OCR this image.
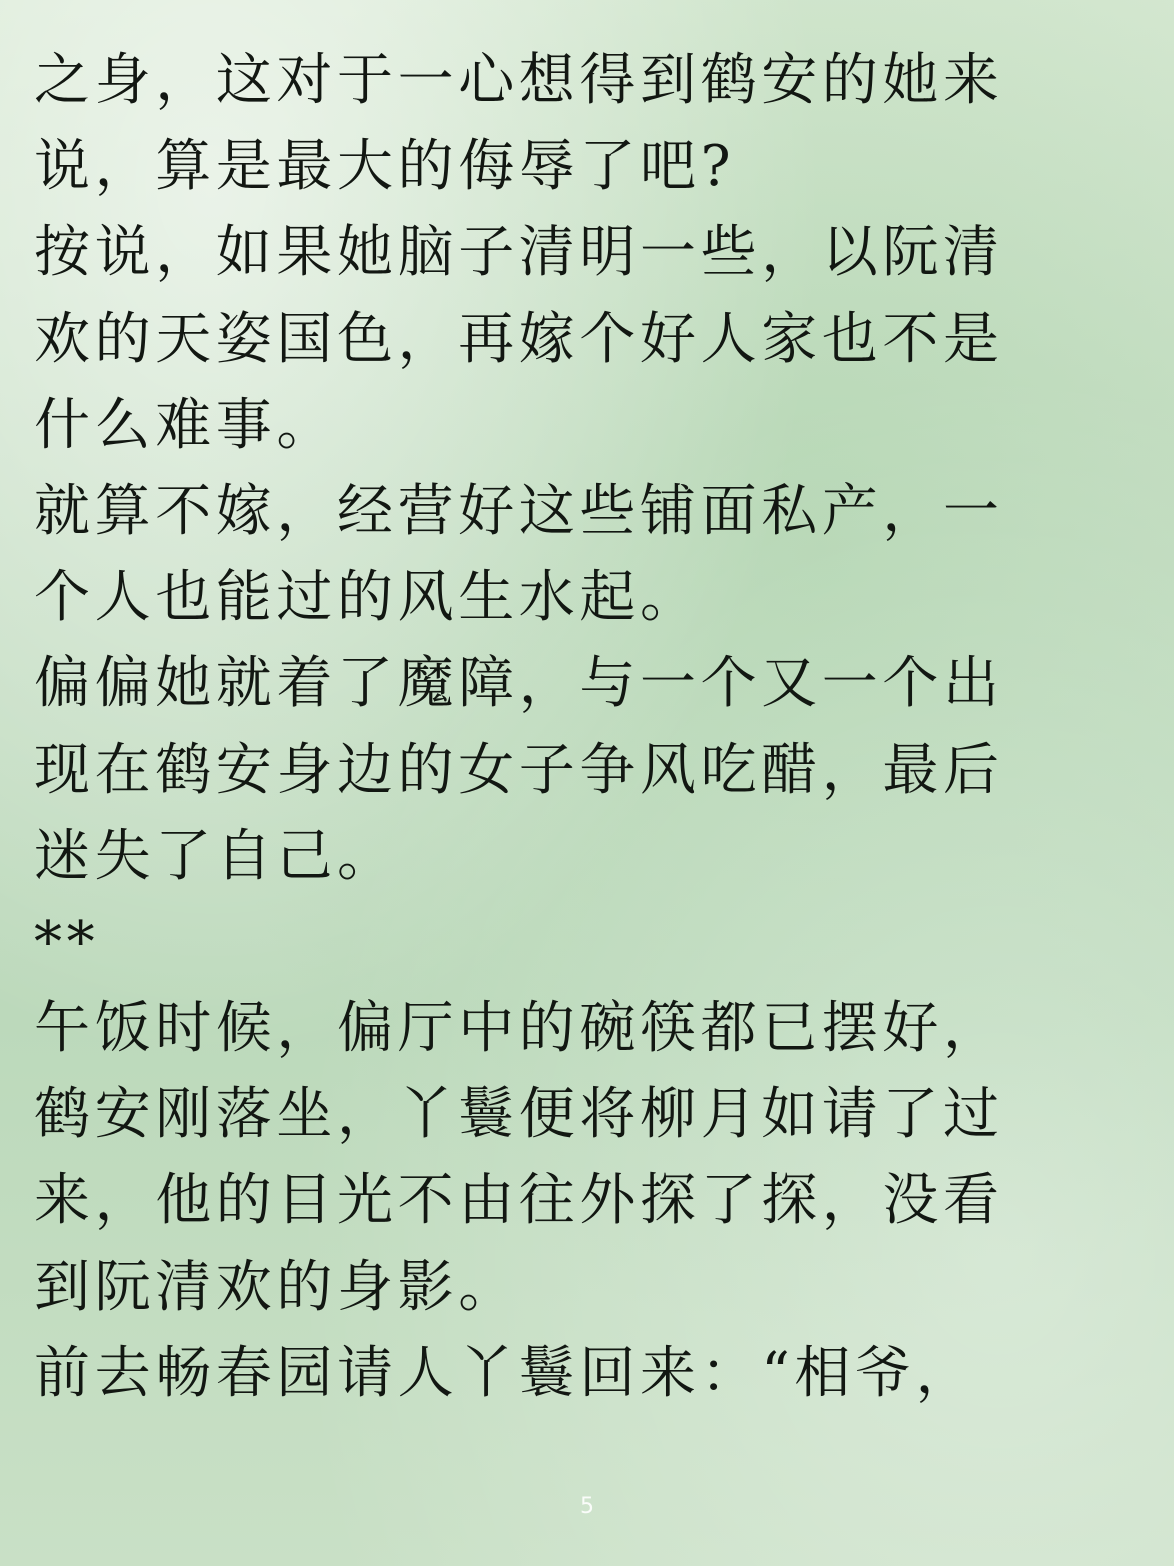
之身，这对于一心想得到鹤安的她来
说，算是最大的侮辱了吧?
按说，如果她脑子清明一些，以阮清
欢的天姿国色，再嫁个好人家也不是
什么难事。
就算不嫁，经营好这些铺面私产，一
个人也能过的风生水起。
偏偏她就着了魔障，与一个又一个出
现在鹤安身边的女子争风吃醋，最后
迷失了自己。
**
午饭时候，偏厅中的碗筷都已摆好，
鹤安刚落坐，丫鬟便将柳月如请了过
来，他的目光不由往外探了探，没看
到阮清欢的身影。
前去畅春园请人丫鬟回来：“相爷，
5
